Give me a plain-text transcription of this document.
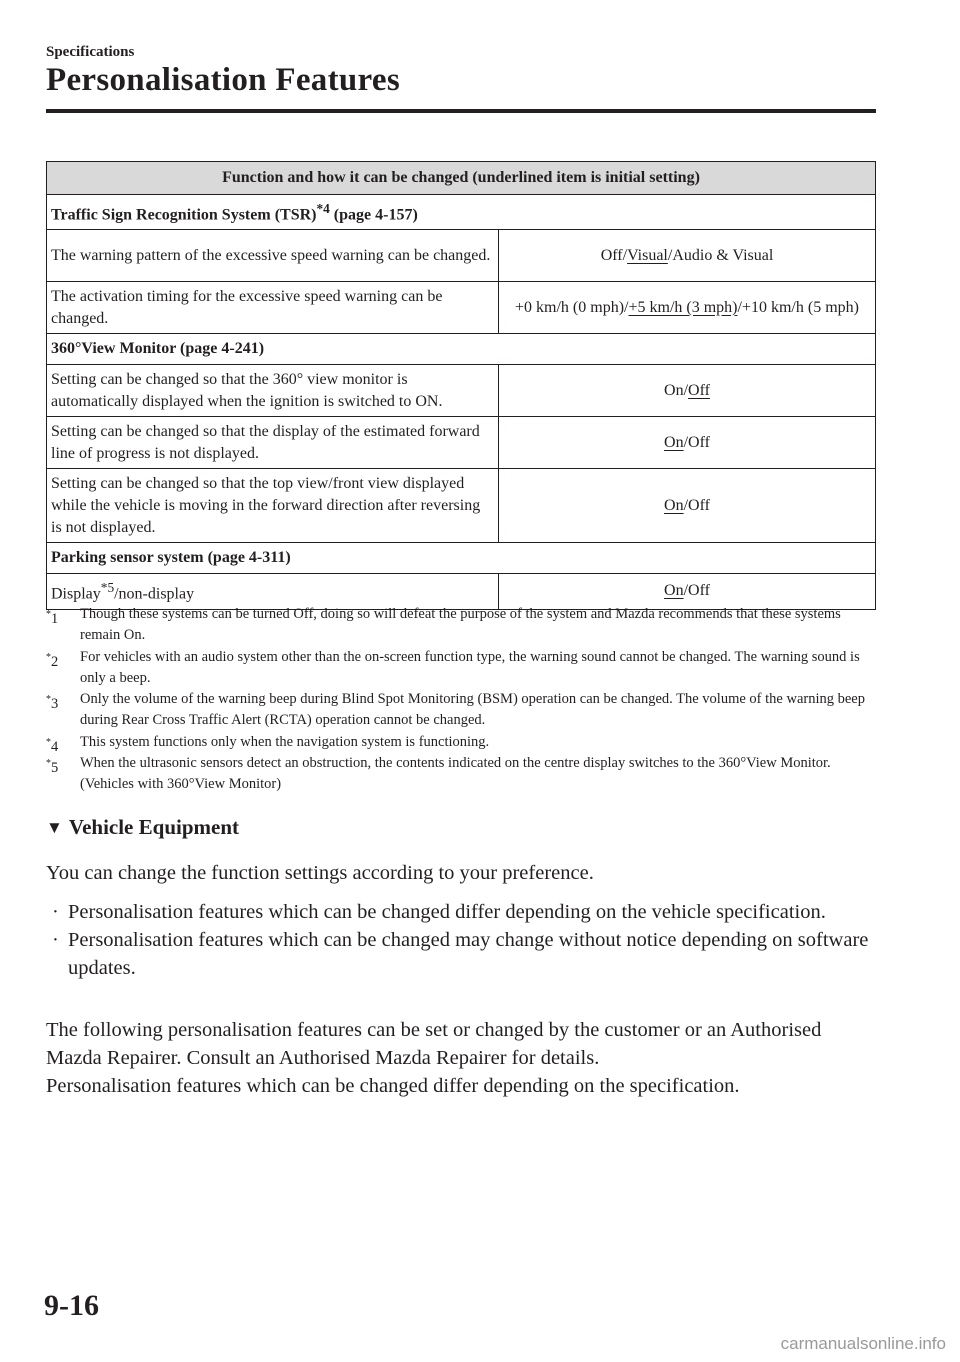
Specifications
Personalisation Features
Function and how it can be changed (underlined item is initial setting)	
Traffic Sign Recognition System (TSR)$^{*4}$ (page 4-157)	
The warning pattern of the excessive speed warning can be changed.	Off/Visual/Audio & Visual
The activation timing for the excessive speed warning can be changed.	+0 km/h (0 mph)/+5 km/h (3 mph)/+10 km/h (5 mph)
360°View Monitor (page 4-241)	
Setting can be changed so that the 360° view monitor is automatically displayed when the ignition is switched to ON.	On/Off
Setting can be changed so that the display of the estimated forward line of progress is not displayed.	On/Off
Setting can be changed so that the top view/front view displayed while the vehicle is moving in the forward direction after reversing is not displayed.	On/Off
Parking sensor system (page 4-311)	
Display$^{*5}$/non-display	On/Off
*1 Though these systems can be turned Off, doing so will defeat the purpose of the system and Mazda recommends that these systems remain On.
*2 For vehicles with an audio system other than the on-screen function type, the warning sound cannot be changed. The warning sound is only a beep.
*3 Only the volume of the warning beep during Blind Spot Monitoring (BSM) operation can be changed. The volume of the warning beep during Rear Cross Traffic Alert (RCTA) operation cannot be changed.
*4 This system functions only when the navigation system is functioning.
*5 When the ultrasonic sensors detect an obstruction, the contents indicated on the centre display switches to the 360°View Monitor. (Vehicles with 360°View Monitor)
▼ Vehicle Equipment
You can change the function settings according to your preference.
· Personalisation features which can be changed differ depending on the vehicle specification.
· Personalisation features which can be changed may change without notice depending on software updates.
The following personalisation features can be set or changed by the customer or an Authorised Mazda Repairer. Consult an Authorised Mazda Repairer for details.
Personalisation features which can be changed differ depending on the specification.
9-16
carmanualsonline.info
